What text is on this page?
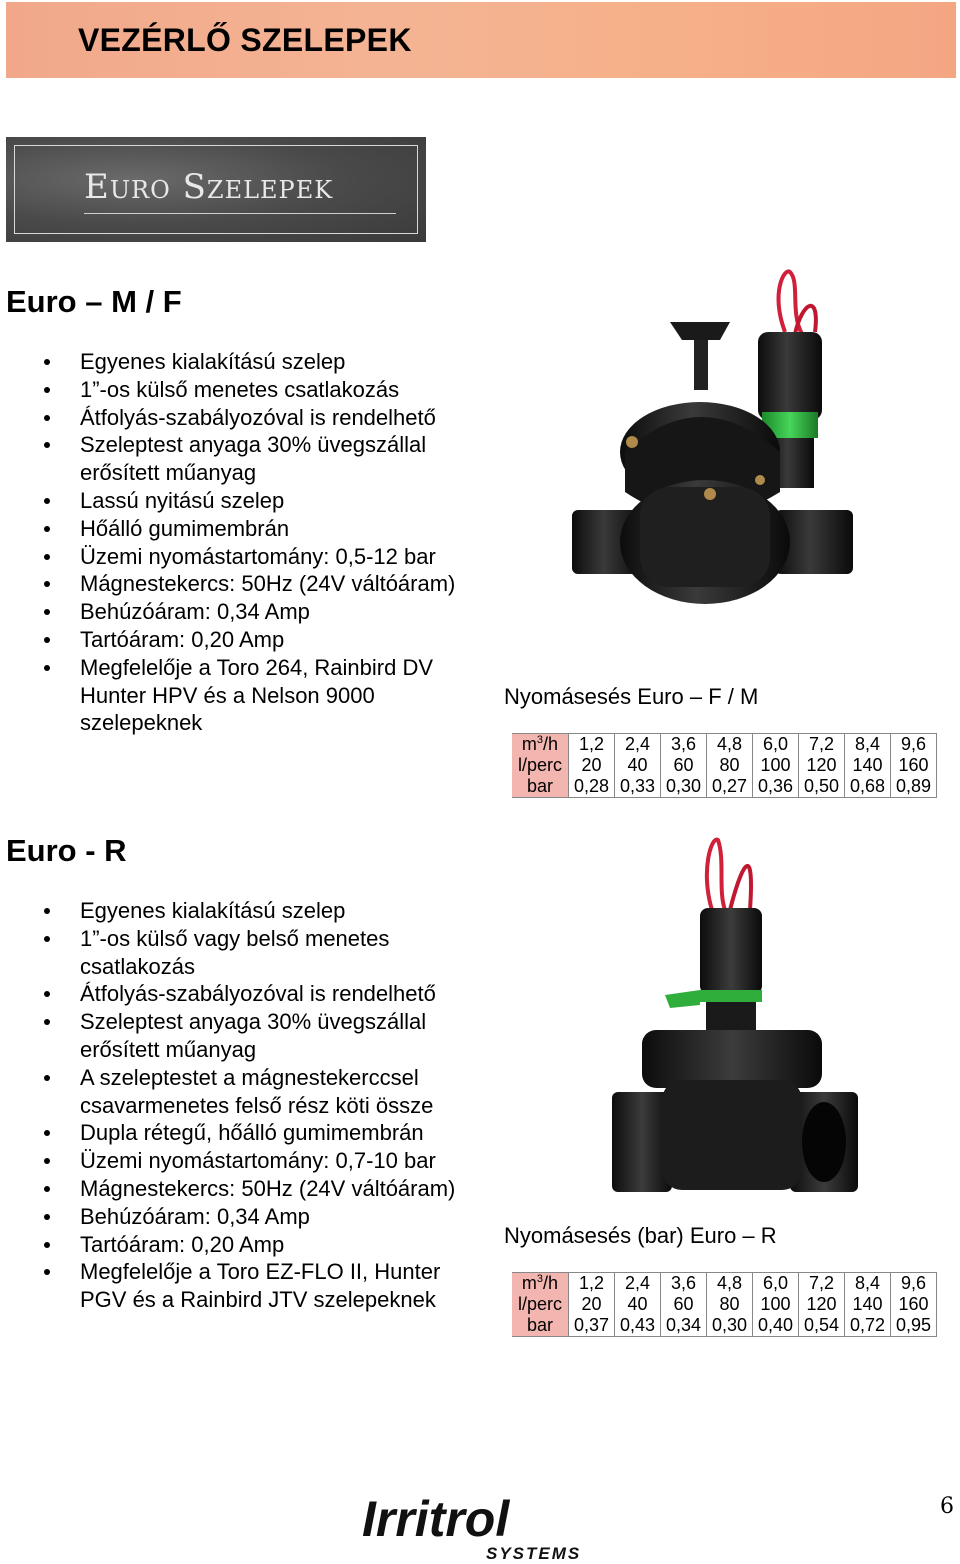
VEZÉRLŐ SZELEPEK
Euro Szelepek
Euro – M / F
Egyenes kialakítású szelep
1”-os külső menetes csatlakozás
Átfolyás-szabályozóval is rendelhető
Szeleptest anyaga 30% üvegszállal erősített műanyag
Lassú nyitású szelep
Hőálló gumimembrán
Üzemi nyomástartomány: 0,5-12 bar
Mágnestekercs: 50Hz (24V váltóáram)
Behúzóáram: 0,34 Amp
Tartóáram: 0,20 Amp
Megfelelője a Toro 264, Rainbird DV Hunter HPV és a Nelson 9000 szelepeknek

Nyomásesés Euro – F / M

$m^3/h$	1,2	2,4	3,6	4,8	6,0	7,2	8,4	9,6
l/perc	20	40	60	80	100	120	140	160
bar	0,28	0,33	0,30	0,27	0,36	0,50	0,68	0,89
Euro - R
Egyenes kialakítású szelep
1”-os külső vagy belső menetes csatlakozás
Átfolyás-szabályozóval is rendelhető
Szeleptest anyaga 30% üvegszállal erősített műanyag
A szeleptestet a mágnestekerccsel csavarmenetes felső rész köti össze
Dupla rétegű, hőálló gumimembrán
Üzemi nyomástartomány: 0,7-10 bar
Mágnestekercs: 50Hz (24V váltóáram)
Behúzóáram: 0,34 Amp
Tartóáram: 0,20 Amp
Megfelelője a Toro EZ-FLO II, Hunter PGV és a Rainbird JTV szelepeknek

Nyomásesés (bar) Euro – R

$m^3/h$	1,2	2,4	3,6	4,8	6,0	7,2	8,4	9,6
l/perc	20	40	60	80	100	120	140	160
bar	0,37	0,43	0,34	0,30	0,40	0,54	0,72	0,95
Irritrol
SYSTEMS
6
